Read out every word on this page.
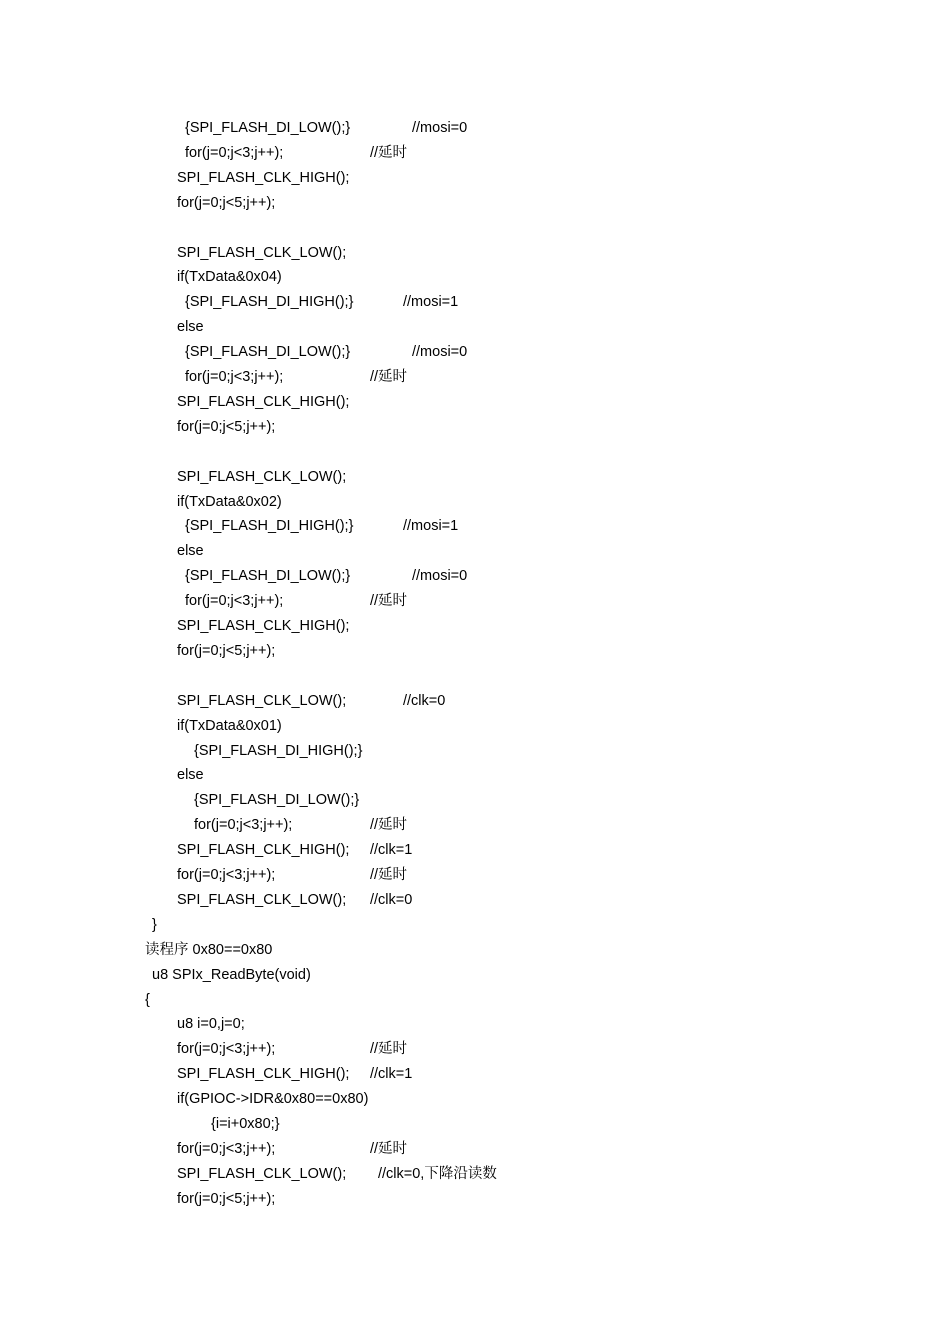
{SPI_FLASH_DI_LOW();}	//mosi=0
for(j=0;j<3;j++);	//延时
SPI_FLASH_CLK_HIGH();
for(j=0;j<5;j++);
SPI_FLASH_CLK_LOW();
if(TxData&0x04)
{SPI_FLASH_DI_HIGH();}	//mosi=1
else
{SPI_FLASH_DI_LOW();}	//mosi=0
for(j=0;j<3;j++);	//延时
SPI_FLASH_CLK_HIGH();
for(j=0;j<5;j++);
SPI_FLASH_CLK_LOW();
if(TxData&0x02)
{SPI_FLASH_DI_HIGH();}	//mosi=1
else
{SPI_FLASH_DI_LOW();}	//mosi=0
for(j=0;j<3;j++);	//延时
SPI_FLASH_CLK_HIGH();
for(j=0;j<5;j++);
SPI_FLASH_CLK_LOW();	//clk=0
if(TxData&0x01)
{SPI_FLASH_DI_HIGH();}
else
{SPI_FLASH_DI_LOW();}
for(j=0;j<3;j++);	//延时
SPI_FLASH_CLK_HIGH(); //clk=1
for(j=0;j<3;j++);	//延时
SPI_FLASH_CLK_LOW(); //clk=0
}
读程序 0x80==0x80
u8 SPIx_ReadByte(void)
{
u8 i=0,j=0;
for(j=0;j<3;j++);	//延时
SPI_FLASH_CLK_HIGH(); //clk=1
if(GPIOC->IDR&0x80==0x80)
{i=i+0x80;}
for(j=0;j<3;j++);	//延时
SPI_FLASH_CLK_LOW(); //clk=0,下降沿读数
for(j=0;j<5;j++);
